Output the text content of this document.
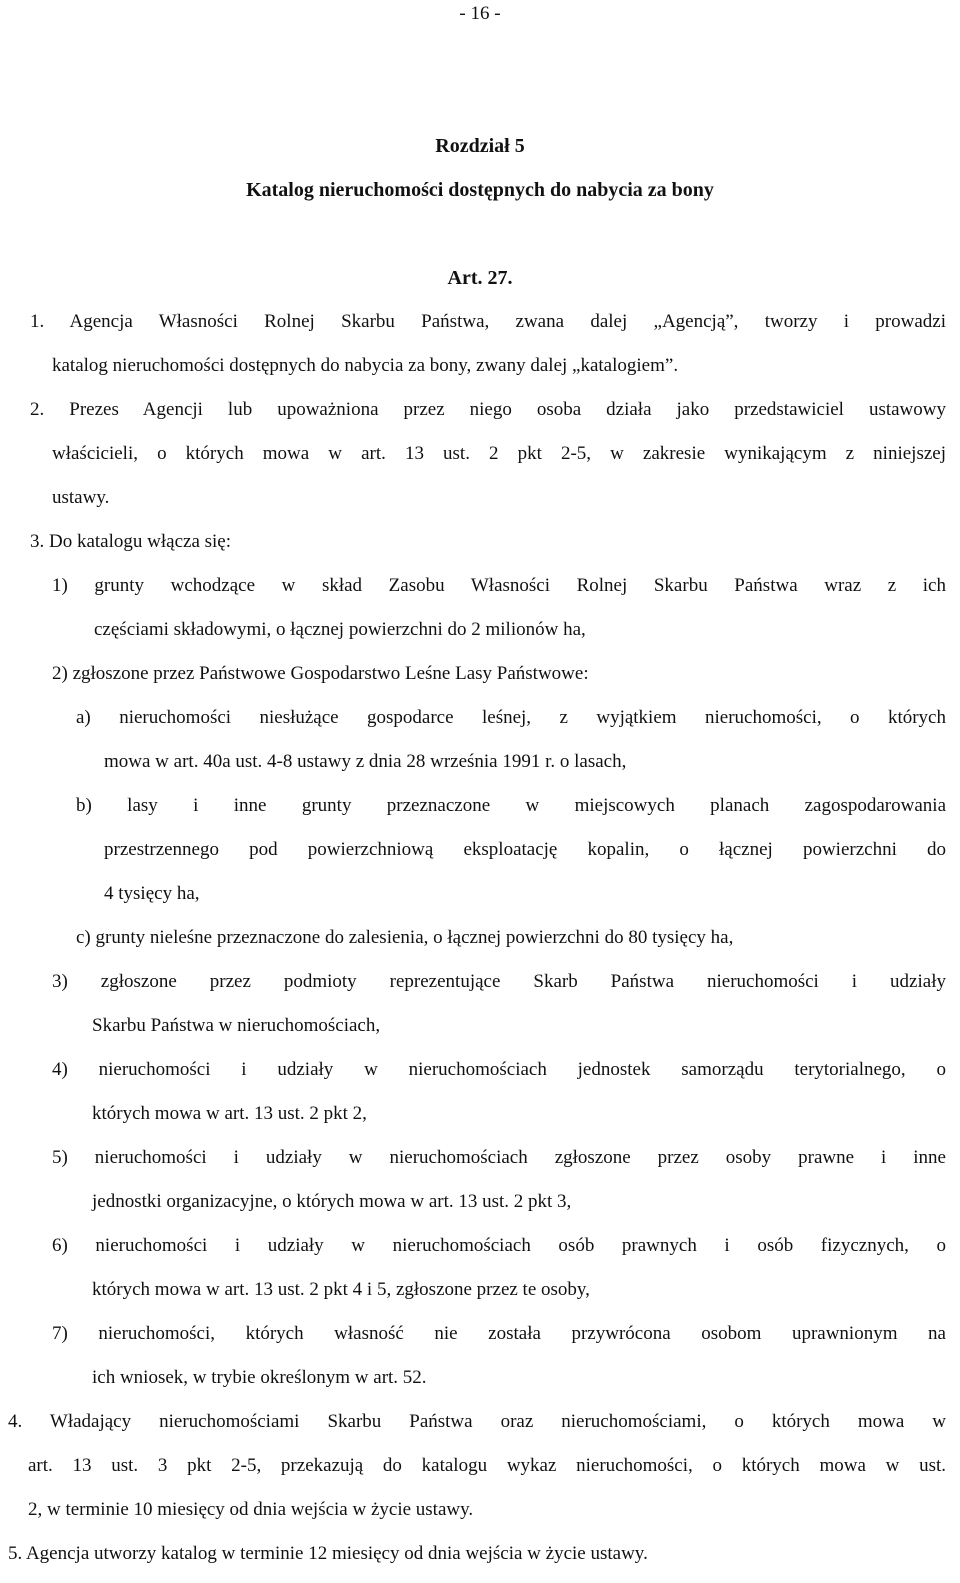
- 16 -
Rozdział 5
Katalog nieruchomości dostępnych do nabycia za bony
Art. 27.
1. Agencja Własności Rolnej Skarbu Państwa, zwana dalej „Agencją”, tworzy i prowadzi
katalog nieruchomości dostępnych do nabycia za bony, zwany dalej „katalogiem”.
2. Prezes Agencji lub upoważniona przez niego osoba działa jako przedstawiciel ustawowy
właścicieli, o których mowa w art. 13 ust. 2 pkt 2-5, w zakresie wynikającym z niniejszej
ustawy.
3. Do katalogu włącza się:
1) grunty wchodzące w skład Zasobu Własności Rolnej Skarbu Państwa wraz z ich
częściami składowymi, o łącznej powierzchni do 2 milionów ha,
2) zgłoszone przez Państwowe Gospodarstwo Leśne Lasy Państwowe:
a) nieruchomości niesłużące gospodarce leśnej, z wyjątkiem nieruchomości, o których
mowa w art. 40a ust. 4-8 ustawy z dnia 28 września 1991 r. o lasach,
b) lasy i inne grunty przeznaczone w miejscowych planach zagospodarowania
przestrzennego pod powierzchniową eksploatację kopalin, o łącznej powierzchni do
4 tysięcy ha,
c) grunty nieleśne przeznaczone do zalesienia, o łącznej powierzchni do 80 tysięcy ha,
3) zgłoszone przez podmioty reprezentujące Skarb Państwa nieruchomości i udziały
Skarbu Państwa w nieruchomościach,
4) nieruchomości i udziały w nieruchomościach jednostek samorządu terytorialnego, o
których mowa w art. 13 ust. 2 pkt 2,
5) nieruchomości i udziały w nieruchomościach zgłoszone przez osoby prawne i inne
jednostki organizacyjne, o których mowa w art. 13 ust. 2 pkt 3,
6) nieruchomości i udziały w nieruchomościach osób prawnych i osób fizycznych, o
których mowa w art. 13 ust. 2 pkt 4 i 5, zgłoszone przez te osoby,
7) nieruchomości, których własność nie została przywrócona osobom uprawnionym na
ich wniosek, w trybie określonym w art. 52.
4. Władający nieruchomościami Skarbu Państwa oraz nieruchomościami, o których mowa w
art. 13 ust. 3 pkt 2-5, przekazują do katalogu wykaz nieruchomości, o których mowa w ust.
2, w terminie 10 miesięcy od dnia wejścia w życie ustawy.
5. Agencja utworzy katalog w terminie 12 miesięcy od dnia wejścia w życie ustawy.
